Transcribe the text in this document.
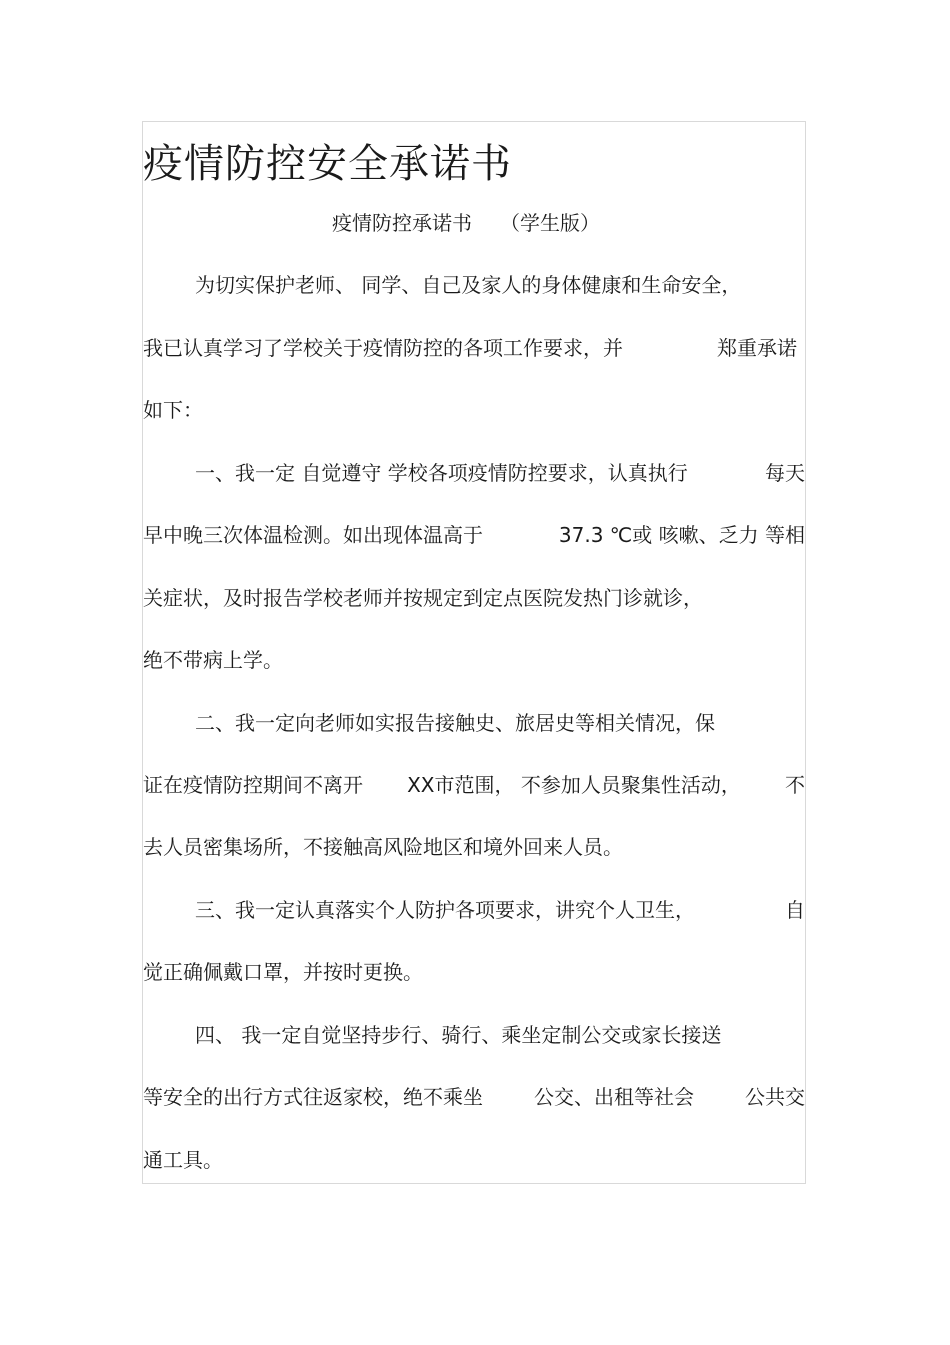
疫情防控安全承诺书
疫情防控承诺书 （学生版）
为切实保护老师、 同学、自己及家人的身体健康和生命安全，
我已认真学习了学校关于疫情防控的各项工作要求，并	郑重承诺
如下：
一、我一定 自觉遵守 学校各项疫情防控要求，认真执行	每天
早中晚三次体温检测。如出现体温高于	37.3 ℃或 咳嗽、乏力 等相
关症状，及时报告学校老师并按规定到定点医院发热门诊就诊，
绝不带病上学。
二、我一定向老师如实报告接触史、旅居史等相关情况，保
证在疫情防控期间不离开 XX市范围， 不参加人员聚集性活动， 不
去人员密集场所，不接触高风险地区和境外回来人员。
三、我一定认真落实个人防护各项要求，讲究个人卫生，	自
觉正确佩戴口罩，并按时更换。
四、 我一定自觉坚持步行、骑行、乘坐定制公交或家长接送
等安全的出行方式往返家校，绝不乘坐	公交、出租等社会	公共交
通工具。
